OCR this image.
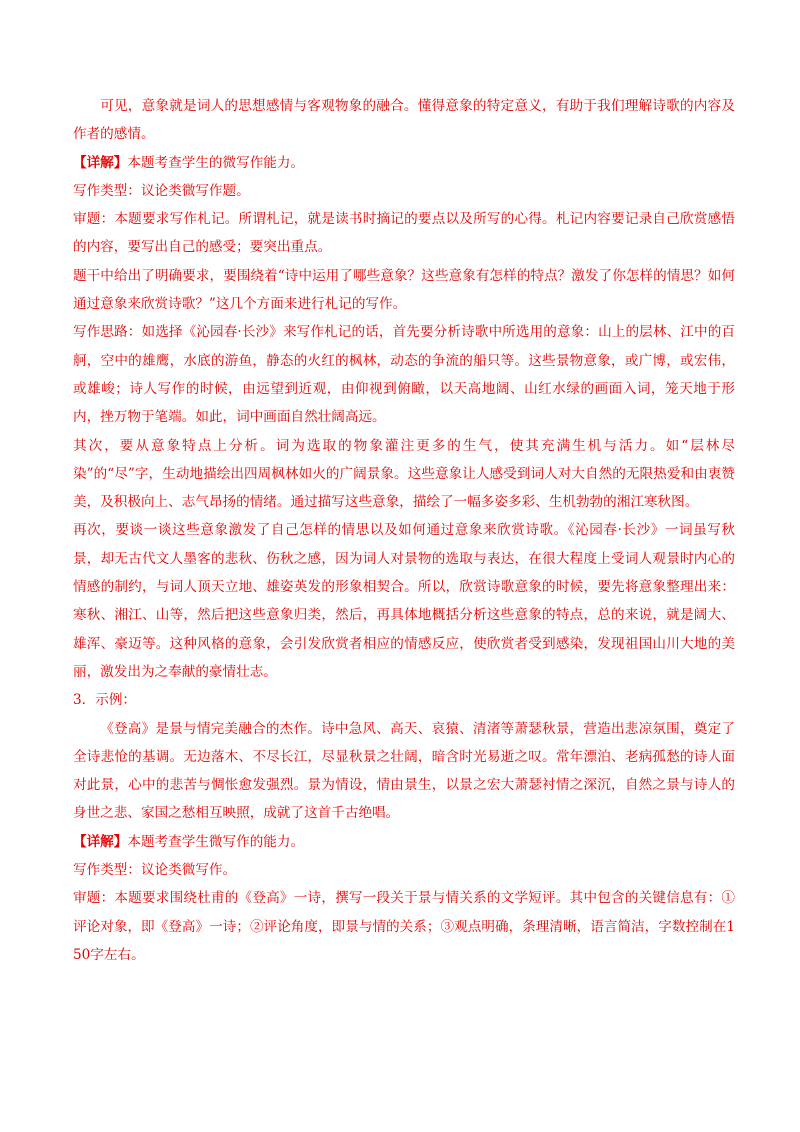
可见，意象就是词人的思想感情与客观物象的融合。懂得意象的特定意义，有助于我们理解诗歌的内容及作者的感情。

【详解】本题考查学生的微写作能力。

写作类型：议论类微写作题。

审题：本题要求写作札记。所谓札记，就是读书时摘记的要点以及所写的心得。札记内容要记录自己欣赏感悟的内容，要写出自己的感受；要突出重点。

题干中给出了明确要求，要围绕着“诗中运用了哪些意象？这些意象有怎样的特点？激发了你怎样的情思？如何通过意象来欣赏诗歌？”这几个方面来进行札记的写作。

写作思路：如选择《沁园春·长沙》来写作札记的话，首先要分析诗歌中所选用的意象：山上的层林、江中的百舸，空中的雄鹰，水底的游鱼，静态的火红的枫林，动态的争流的船只等。这些景物意象，或广博，或宏伟，或雄峻；诗人写作的时候，由远望到近观，由仰视到俯瞰，以天高地阔、山红水绿的画面入词，笼天地于形内，挫万物于笔端。如此，词中画面自然壮阔高远。

其次，要从意象特点上分析。词为选取的物象灌注更多的生气，使其充满生机与活力。如“层林尽染”的“尽”字，生动地描绘出四周枫林如火的广阔景象。这些意象让人感受到词人对大自然的无限热爱和由衷赞美，及积极向上、志气昂扬的情绪。通过描写这些意象，描绘了一幅多姿多彩、生机勃勃的湘江寒秋图。

再次，要谈一谈这些意象激发了自己怎样的情思以及如何通过意象来欣赏诗歌。《沁园春·长沙》一词虽写秋景，却无古代文人墨客的悲秋、伤秋之感，因为词人对景物的选取与表达，在很大程度上受词人观景时内心的情感的制约，与词人顶天立地、雄姿英发的形象相契合。所以，欣赏诗歌意象的时候，要先将意象整理出来：寒秋、湘江、山等，然后把这些意象归类，然后，再具体地概括分析这些意象的特点，总的来说，就是阔大、雄浑、豪迈等。这种风格的意象，会引发欣赏者相应的情感反应，使欣赏者受到感染，发现祖国山川大地的美丽，激发出为之奉献的豪情壮志。

3．示例：

《登高》是景与情完美融合的杰作。诗中急风、高天、哀猿、清渚等萧瑟秋景，营造出悲凉氛围，奠定了全诗悲怆的基调。无边落木、不尽长江，尽显秋景之壮阔，暗含时光易逝之叹。常年漂泊、老病孤愁的诗人面对此景，心中的悲苦与惆怅愈发强烈。景为情设，情由景生，以景之宏大萧瑟衬情之深沉，自然之景与诗人的身世之悲、家国之愁相互映照，成就了这首千古绝唱。

【详解】本题考查学生微写作的能力。

写作类型：议论类微写作。

审题：本题要求围绕杜甫的《登高》一诗，撰写一段关于景与情关系的文学短评。其中包含的关键信息有：①评论对象，即《登高》一诗；②评论角度，即景与情的关系；③观点明确，条理清晰，语言简洁，字数控制在150字左右。
